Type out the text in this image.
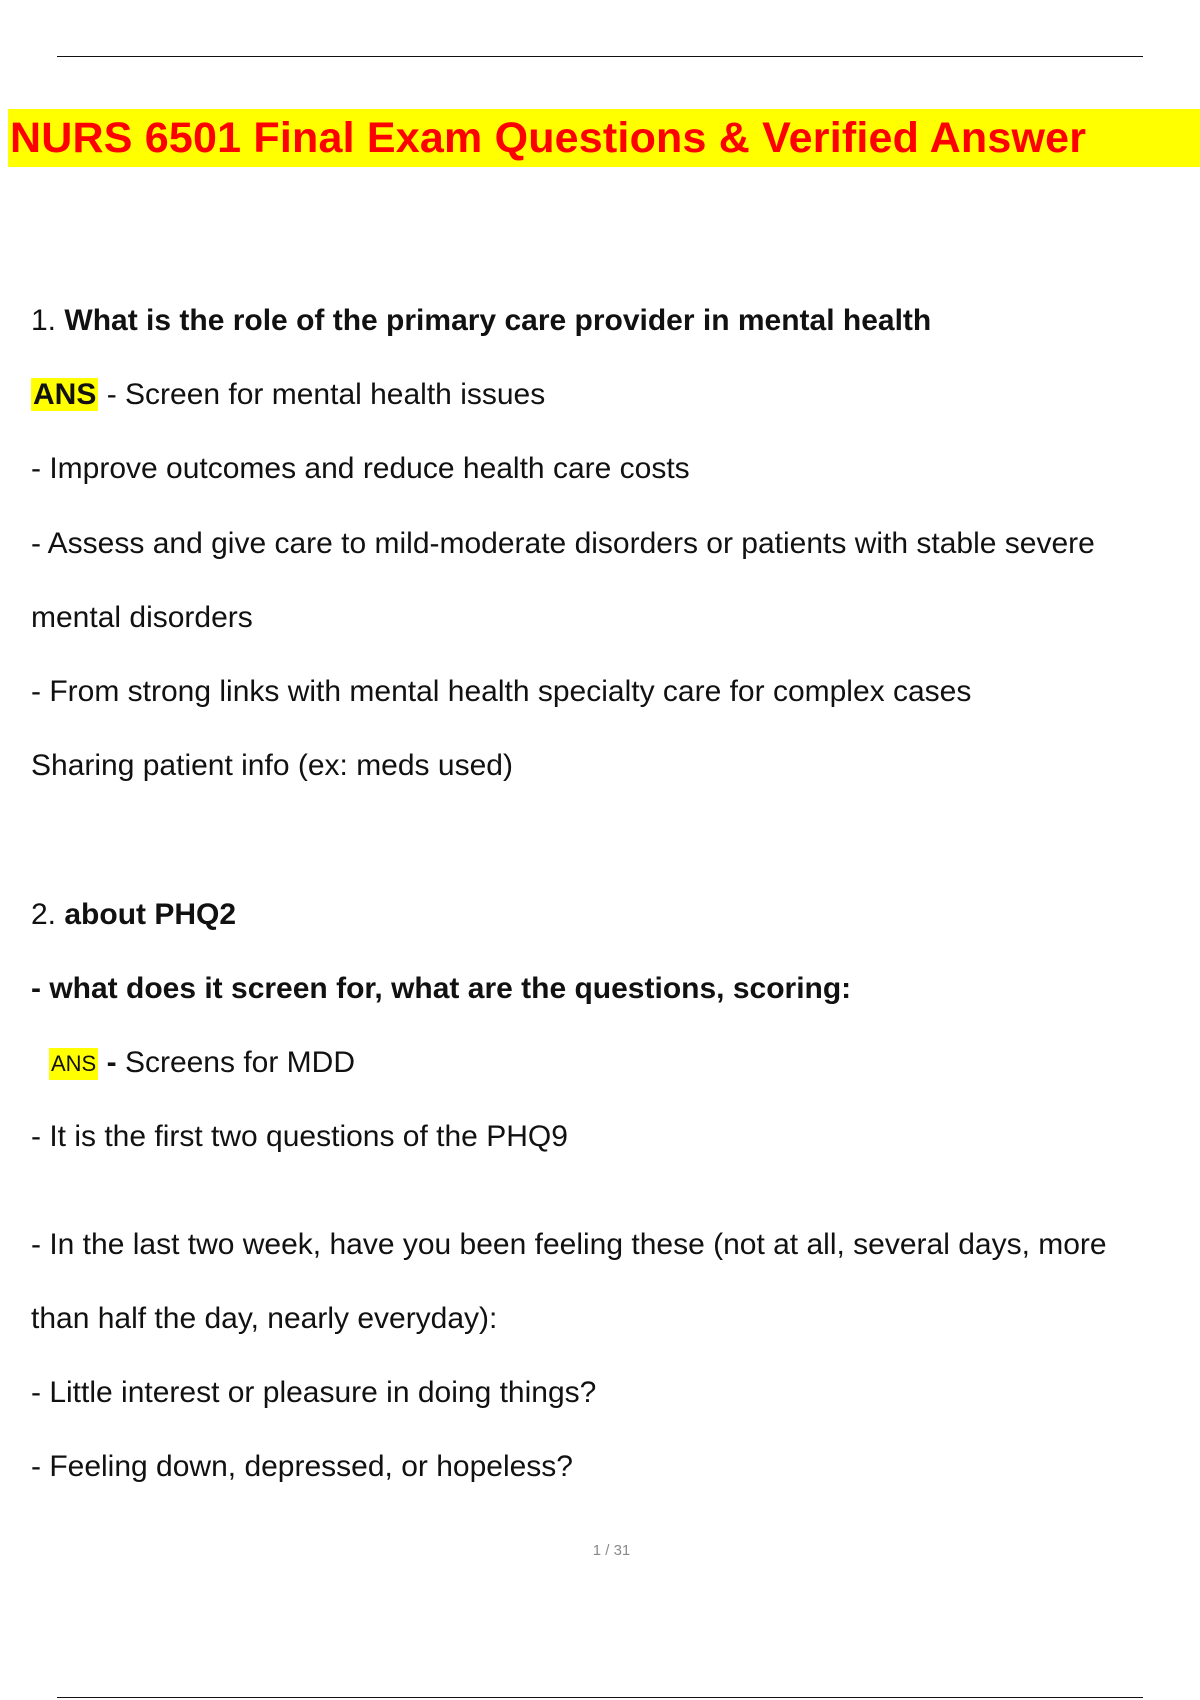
NURS 6501 Final Exam Questions & Verified Answer
1. What is the role of the primary care provider in mental health
ANS - Screen for mental health issues
- Improve outcomes and reduce health care costs
- Assess and give care to mild-moderate disorders or patients with stable severe
mental disorders
- From strong links with mental health specialty care for complex cases
Sharing patient info (ex: meds used)
2. about PHQ2
- what does it screen for, what are the questions, scoring:
ANS - Screens for MDD
- It is the first two questions of the PHQ9
- In the last two week, have you been feeling these (not at all, several days, more
than half the day, nearly everyday):
- Little interest or pleasure in doing things?
- Feeling down, depressed, or hopeless?
1 / 31
